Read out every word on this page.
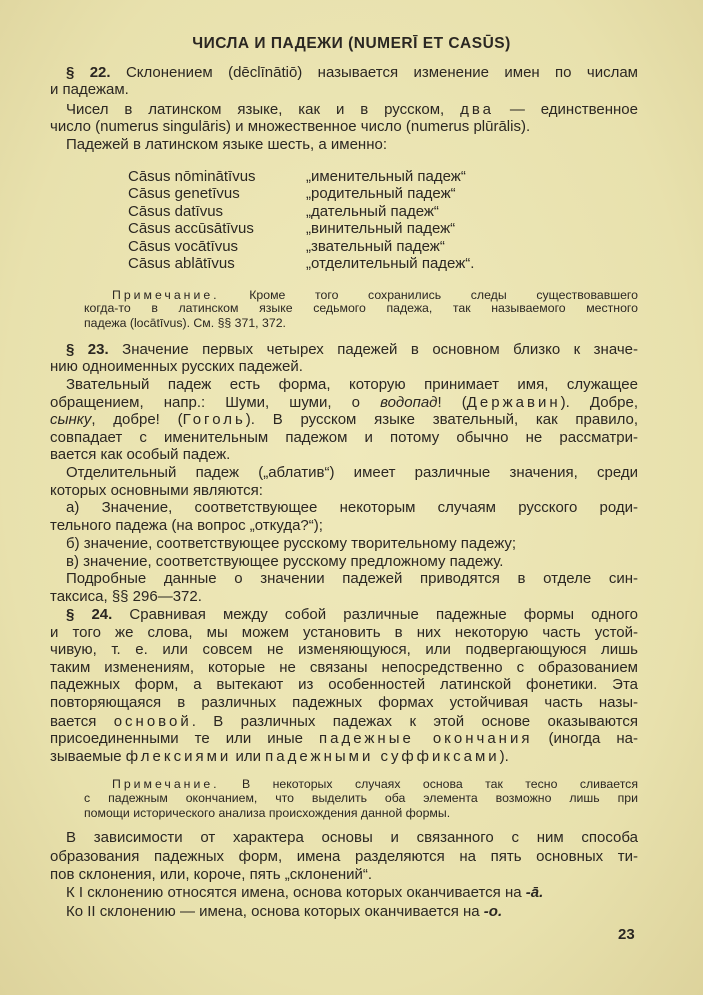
ЧИСЛА И ПАДЕЖИ (NUMERĪ ET CASŪS)
§ 22. Склонением (dēclīnātiō) называется изменение имен по числам
и падежам.
Чисел в латинском языке, как и в русском, два — единственное
число (numerus singulāris) и множественное число (numerus plūrālis).
Падежей в латинском языке шесть, а именно:
Cāsus nōminātīvus	„именительный падеж“
Cāsus genetīvus	„родительный падеж“
Cāsus datīvus	„дательный падеж“
Cāsus accūsātīvus	„винительный падеж“
Cāsus vocātīvus	„звательный падеж“
Cāsus ablātīvus	„отделительный падеж“.
Примечание. Кроме того сохранились следы существовавшего
когда-то в латинском языке седьмого падежа, так называемого местного
падежа (locātīvus). См. §§ 371, 372.
§ 23. Значение первых четырех падежей в основном близко к значе-
нию одноименных русских падежей.
Звательный падеж есть форма, которую принимает имя, служащее
обращением, напр.: Шуми, шуми, о водопад! (Державин). Добре,
сынку, добре! (Гоголь). В русском языке звательный, как правило,
совпадает с именительным падежом и потому обычно не рассматри-
вается как особый падеж.
Отделительный падеж („аблатив“) имеет различные значения, среди
которых основными являются:
а) Значение, соответствующее некоторым случаям русского роди-
тельного падежа (на вопрос „откуда?“);
б) значение, соответствующее русскому творительному падежу;
в) значение, соответствующее русскому предложному падежу.
Подробные данные о значении падежей приводятся в отделе син-
таксиса, §§ 296—372.
§ 24. Сравнивая между собой различные падежные формы одного
и того же слова, мы можем установить в них некоторую часть устой-
чивую, т. е. или совсем не изменяющуюся, или подвергающуюся лишь
таким изменениям, которые не связаны непосредственно с образованием
падежных форм, а вытекают из особенностей латинской фонетики. Эта
повторяющаяся в различных падежных формах устойчивая часть назы-
вается основой. В различных падежах к этой основе оказываются
присоединенными те или иные падежные окончания (иногда на-
зываемые флексиями или падежными суффиксами).
Примечание. В некоторых случаях основа так тесно сливается
с падежным окончанием, что выделить оба элемента возможно лишь при
помощи исторического анализа происхождения данной формы.
В зависимости от характера основы и связанного с ним способа
образования падежных форм, имена разделяются на пять основных ти-
пов склонения, или, короче, пять „склонений“.
К I склонению относятся имена, основа которых оканчивается на -ā.
Ко II склонению — имена, основа которых оканчивается на -o.
23
